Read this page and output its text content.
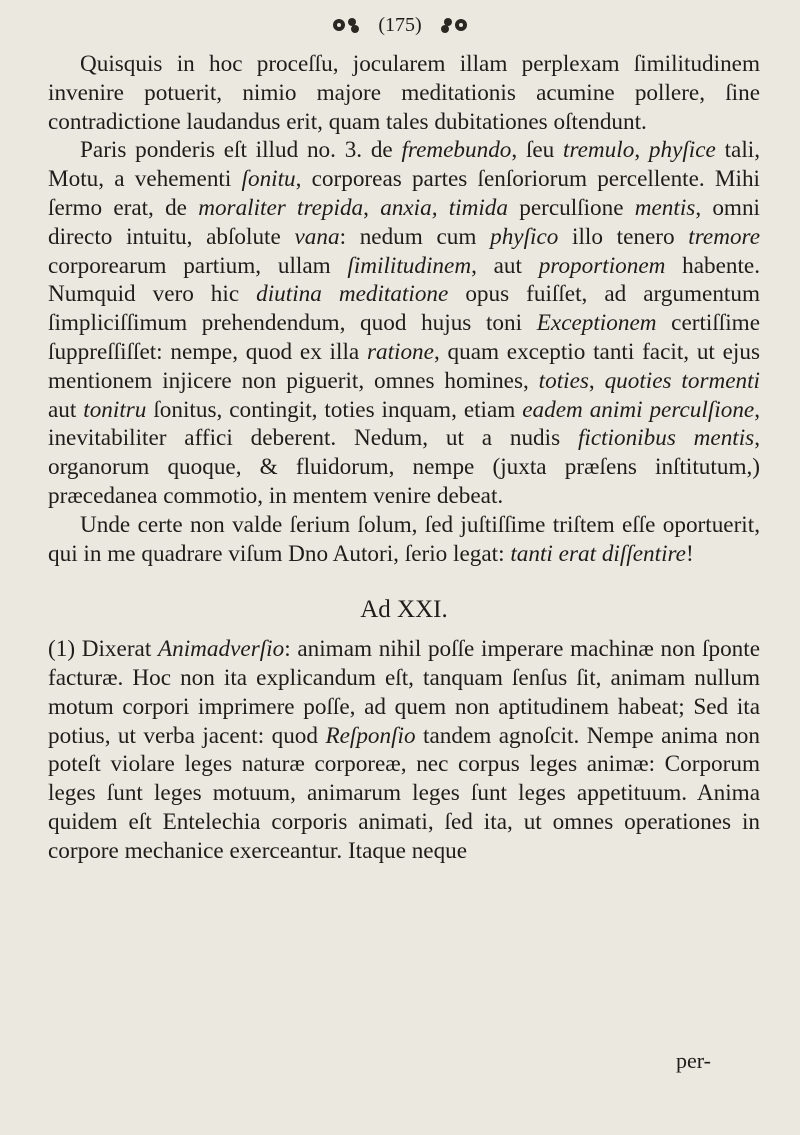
(175)

Quisquis in hoc proceſſu, jocularem illam perplexam ſimilitudinem invenire potuerit, nimio majore meditationis acumine pollere, ſine contradictione laudandus erit, quam tales dubitationes oſtendunt.

Paris ponderis eſt illud no. 3. de fremebundo, ſeu tremulo, phyſice tali, Motu, a vehementi ſonitu, corporeas partes ſenſoriorum percellente. Mihi ſermo erat, de moraliter trepida, anxia, timida perculſione mentis, omni directo intuitu, abſolute vana: nedum cum phyſico illo tenero tremore corporearum partium, ullam ſimilitudinem, aut proportionem habente. Numquid vero hic diutina meditatione opus fuiſſet, ad argumentum ſimpliciſſimum prehendendum, quod hujus toni Exceptionem certiſſime ſuppreſſiſſet: nempe, quod ex illa ratione, quam exceptio tanti facit, ut ejus mentionem injicere non piguerit, omnes homines, toties, quoties tormenti aut tonitru ſonitus, contingit, toties inquam, etiam eadem animi perculſione, inevitabiliter affici deberent. Nedum, ut a nudis fictionibus mentis, organorum quoque, & fluidorum, nempe (juxta præſens inſtitutum,) præcedanea commotio, in mentem venire debeat.

Unde certe non valde ſerium ſolum, ſed juſtiſſime triſtem eſſe oportuerit, qui in me quadrare viſum Dno Autori, ſerio legat: tanti erat diſſentire!

Ad XXI.

(1) Dixerat Animadverſio: animam nihil poſſe imperare machinæ non ſponte facturæ. Hoc non ita explicandum eſt, tanquam ſenſus ſit, animam nullum motum corpori imprimere poſſe, ad quem non aptitudinem habeat; Sed ita potius, ut verba jacent: quod Reſponſio tandem agnoſcit. Nempe anima non poteſt violare leges naturæ corporeæ, nec corpus leges animæ: Corporum leges ſunt leges motuum, animarum leges ſunt leges appetituum. Anima quidem eſt Entelechia corporis animati, ſed ita, ut omnes operationes in corpore mechanice exerceantur. Itaque neque

per-
